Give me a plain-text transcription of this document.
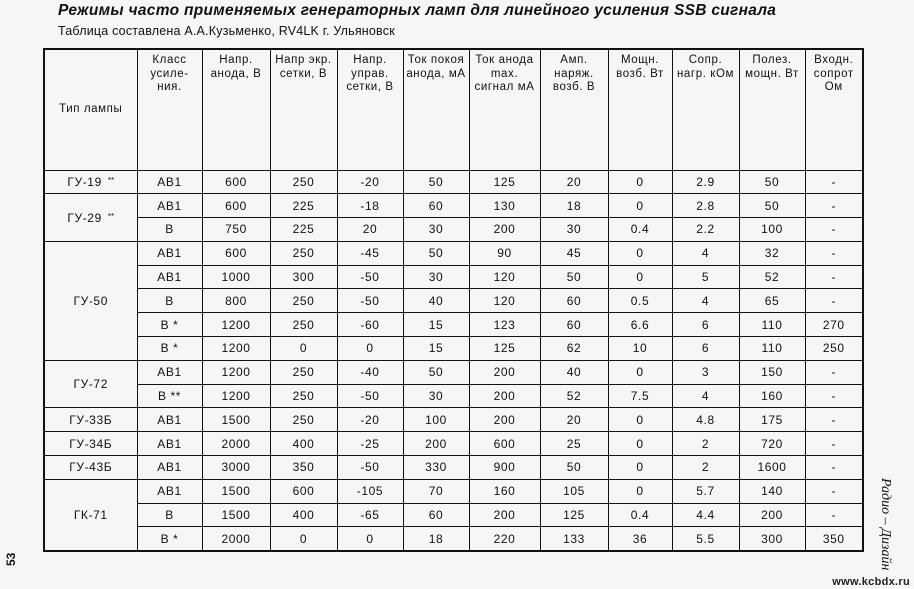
Режимы часто применяемых генераторных ламп для линейного усиления SSB сигнала
Таблица составлена А.А.Кузьменко, RV4LK г. Ульяновск
Тип лампы	Класс усиле- ния.	Напр. анода, В	Напр экр. сетки, В	Напр. управ. сетки, В	Ток покоя анода, мА	Ток анода max. сигнал мА	Амп. наряж. возб. В	Мощн. возб. Вт	Сопр. нагр. кОм	Полез. мощн. Вт	Входн. сопрот Ом
ГУ-19 **	АВ1	600	250	-20	50	125	20	0	2.9	50	-
ГУ-29 **	АВ1	600	225	-18	60	130	18	0	2.8	50	-
	В	750	225	20	30	200	30	0.4	2.2	100	-
ГУ-50	АВ1	600	250	-45	50	90	45	0	4	32	-
	АВ1	1000	300	-50	30	120	50	0	5	52	-
	В	800	250	-50	40	120	60	0.5	4	65	-
	В *	1200	250	-60	15	123	60	6.6	6	110	270
	В *	1200	0	0	15	125	62	10	6	110	250
ГУ-72	АВ1	1200	250	-40	50	200	40	0	3	150	-
	В **	1200	250	-50	30	200	52	7.5	4	160	-
ГУ-33Б	АВ1	1500	250	-20	100	200	20	0	4.8	175	-
ГУ-34Б	АВ1	2000	400	-25	200	600	25	0	2	720	-
ГУ-43Б	АВ1	3000	350	-50	330	900	50	0	2	1600	-
ГК-71	АВ1	1500	600	-105	70	160	105	0	5.7	140	-
	В	1500	400	-65	60	200	125	0.4	4.4	200	-
	В *	2000	0	0	18	220	133	36	5.5	300	350
53	Радио – Дизайн
www.kcbdx.ru
